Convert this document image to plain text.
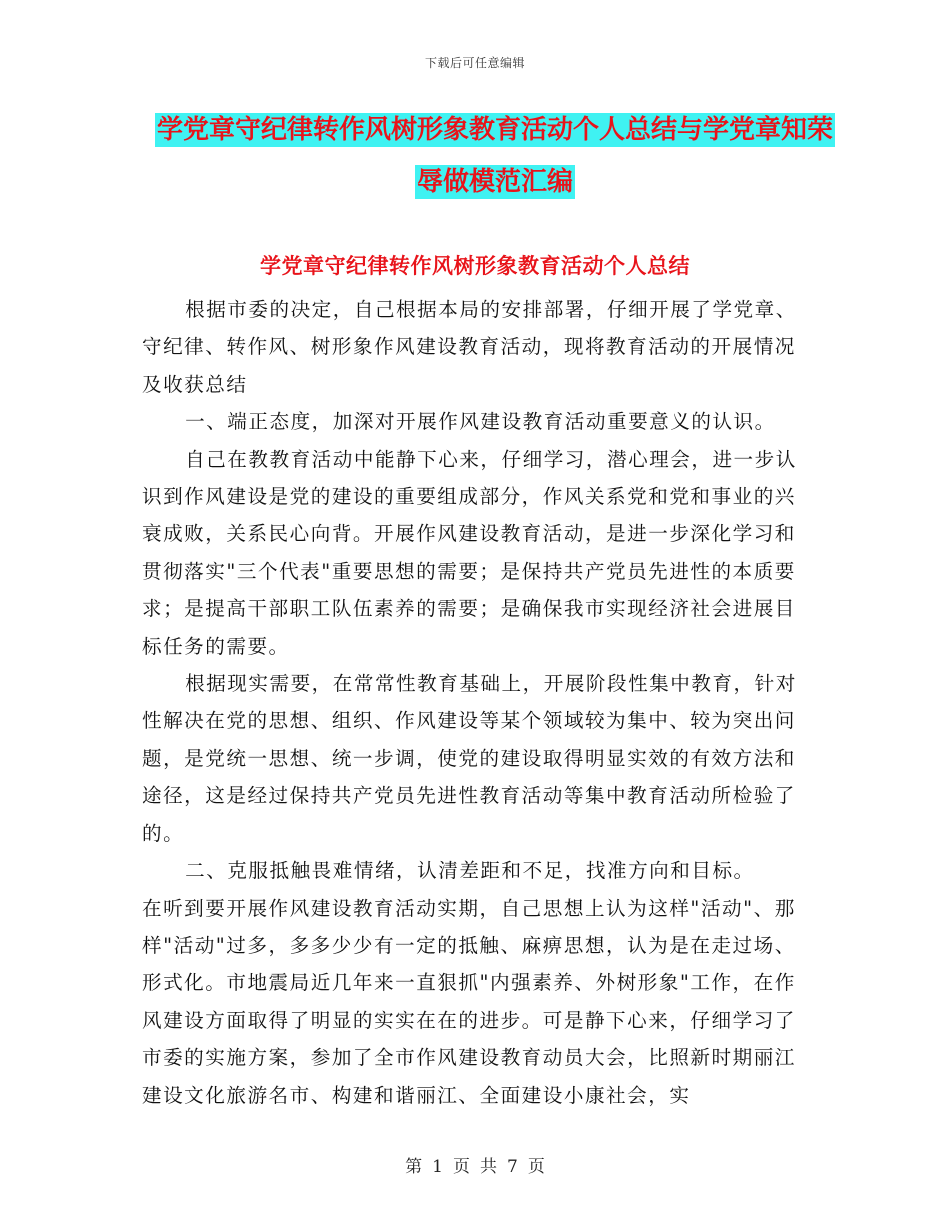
下载后可任意编辑
学党章守纪律转作风树形象教育活动个人总结与学党章知荣辱做模范汇编
学党章守纪律转作风树形象教育活动个人总结

根据市委的决定，自己根据本局的安排部署，仔细开展了学党章、守纪律、转作风、树形象作风建设教育活动，现将教育活动的开展情况及收获总结

一、端正态度，加深对开展作风建设教育活动重要意义的认识。

自己在教教育活动中能静下心来，仔细学习，潜心理会，进一步认识到作风建设是党的建设的重要组成部分，作风关系党和党和事业的兴衰成败，关系民心向背。开展作风建设教育活动，是进一步深化学习和贯彻落实"三个代表"重要思想的需要；是保持共产党员先进性的本质要求；是提高干部职工队伍素养的需要；是确保我市实现经济社会进展目标任务的需要。

根据现实需要，在常常性教育基础上，开展阶段性集中教育，针对性解决在党的思想、组织、作风建设等某个领域较为集中、较为突出问题，是党统一思想、统一步调，使党的建设取得明显实效的有效方法和途径，这是经过保持共产党员先进性教育活动等集中教育活动所检验了的。

二、克服抵触畏难情绪，认清差距和不足，找准方向和目标。

在听到要开展作风建设教育活动实期，自己思想上认为这样"活动"、那样"活动"过多，多多少少有一定的抵触、麻痹思想，认为是在走过场、形式化。市地震局近几年来一直狠抓"内强素养、外树形象"工作，在作风建设方面取得了明显的实实在在的进步。可是静下心来，仔细学习了市委的实施方案，参加了全市作风建设教育动员大会，比照新时期丽江建设文化旅游名市、构建和谐丽江、全面建设小康社会，实

第 1 页 共 7 页
